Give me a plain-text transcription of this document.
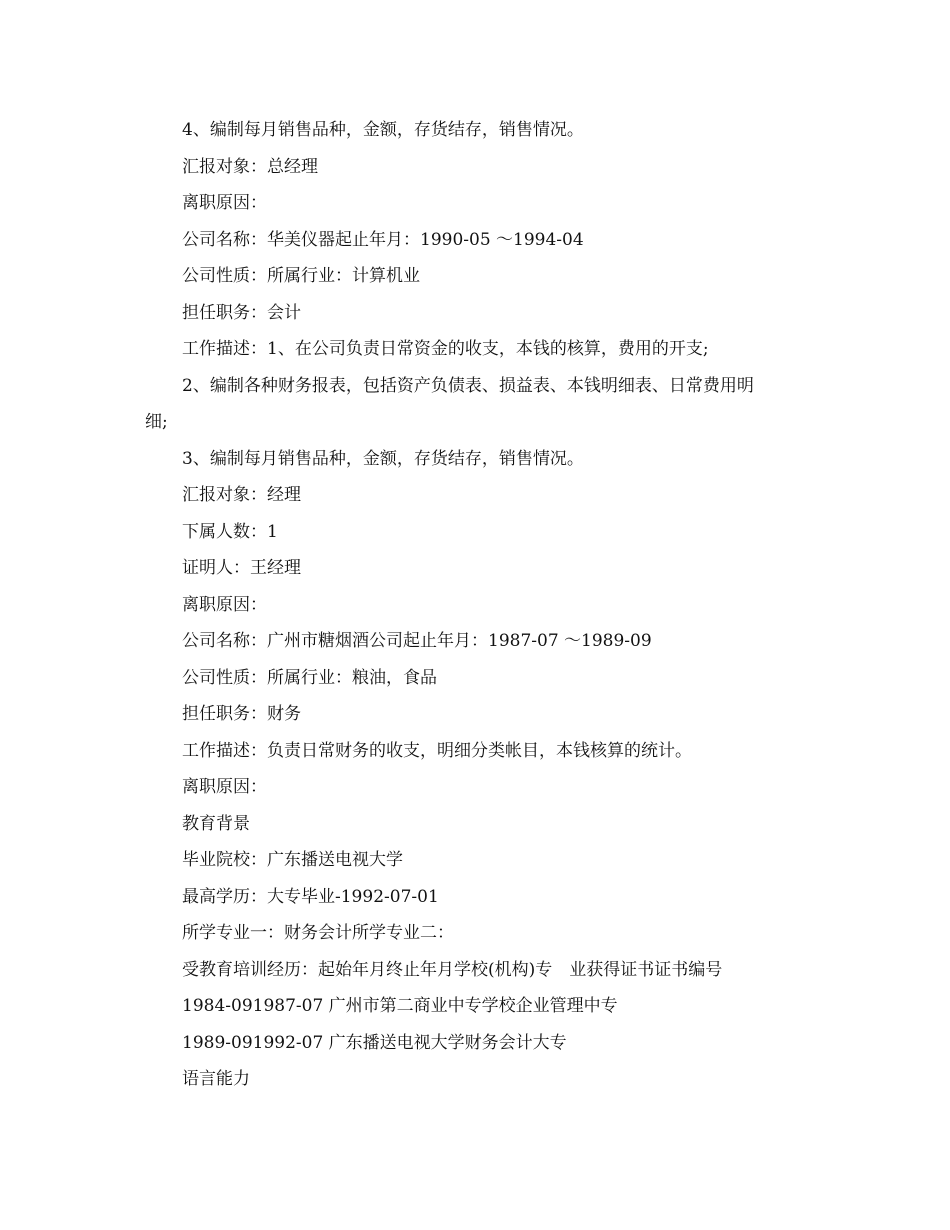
4、编制每月销售品种，金额，存货结存，销售情况。
汇报对象：总经理
离职原因：
公司名称：华美仪器起止年月：1990-05 ～1994-04
公司性质：所属行业：计算机业
担任职务：会计
工作描述：1、在公司负责日常资金的收支，本钱的核算，费用的开支;
2、编制各种财务报表，包括资产负债表、损益表、本钱明细表、日常费用明
细;
3、编制每月销售品种，金额，存货结存，销售情况。
汇报对象：经理
下属人数：1
证明人：王经理
离职原因：
公司名称：广州市糖烟酒公司起止年月：1987-07 ～1989-09
公司性质：所属行业：粮油，食品
担任职务：财务
工作描述：负责日常财务的收支，明细分类帐目，本钱核算的统计。
离职原因：
教育背景
毕业院校：广东播送电视大学
最高学历：大专毕业-1992-07-01
所学专业一：财务会计所学专业二：
受教育培训经历：起始年月终止年月学校(机构)专　业获得证书证书编号
1984-091987-07 广州市第二商业中专学校企业管理中专
1989-091992-07 广东播送电视大学财务会计大专
语言能力
